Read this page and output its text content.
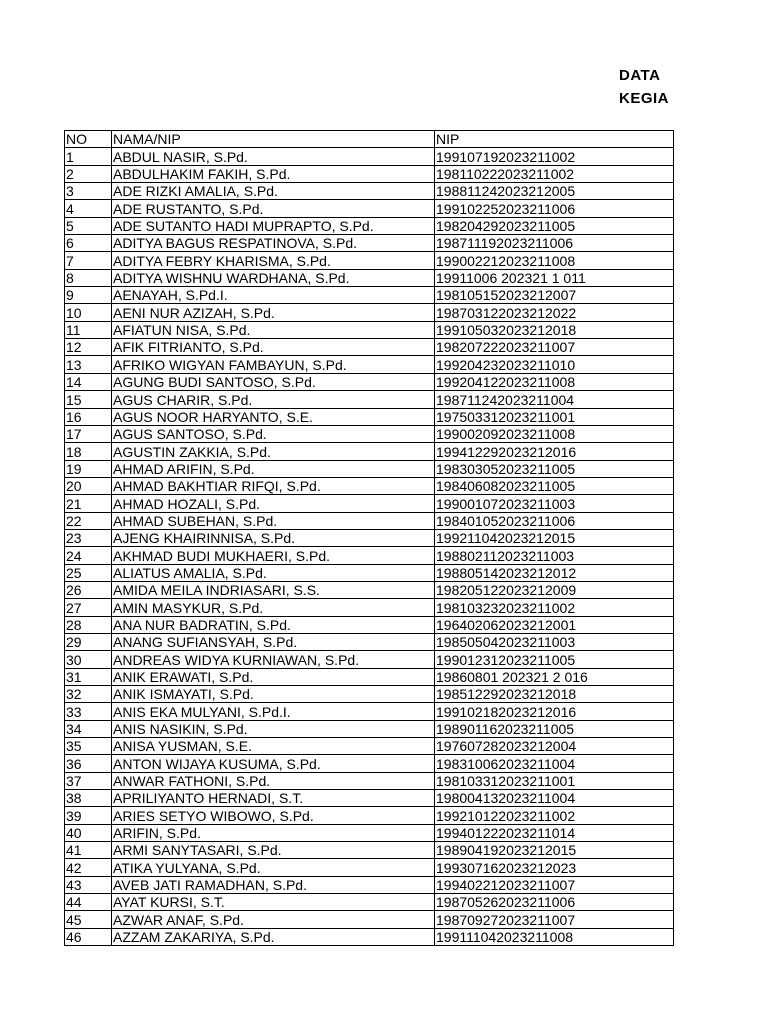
DATA
KEGIA
NO	NAMA/NIP	NIP
1	ABDUL NASIR, S.Pd.	199107192023211002
2	ABDULHAKIM FAKIH, S.Pd.	198110222023211002
3	ADE RIZKI AMALIA, S.Pd.	198811242023212005
4	ADE RUSTANTO, S.Pd.	199102252023211006
5	ADE SUTANTO HADI MUPRAPTO, S.Pd.	198204292023211005
6	ADITYA BAGUS RESPATINOVA, S.Pd.	198711192023211006
7	ADITYA FEBRY KHARISMA, S.Pd.	199002212023211008
8	ADITYA WISHNU WARDHANA, S.Pd.	19911006 202321 1 011
9	AENAYAH, S.Pd.I.	198105152023212007
10	AENI NUR AZIZAH, S.Pd.	198703122023212022
11	AFIATUN NISA, S.Pd.	199105032023212018
12	AFIK FITRIANTO, S.Pd.	198207222023211007
13	AFRIKO WIGYAN FAMBAYUN, S.Pd.	199204232023211010
14	AGUNG BUDI SANTOSO, S.Pd.	199204122023211008
15	AGUS CHARIR, S.Pd.	198711242023211004
16	AGUS NOOR HARYANTO, S.E.	197503312023211001
17	AGUS SANTOSO, S.Pd.	199002092023211008
18	AGUSTIN ZAKKIA, S.Pd.	199412292023212016
19	AHMAD ARIFIN, S.Pd.	198303052023211005
20	AHMAD BAKHTIAR RIFQI, S.Pd.	198406082023211005
21	AHMAD HOZALI, S.Pd.	199001072023211003
22	AHMAD SUBEHAN, S.Pd.	198401052023211006
23	AJENG KHAIRINNISA, S.Pd.	199211042023212015
24	AKHMAD BUDI MUKHAERI, S.Pd.	198802112023211003
25	ALIATUS AMALIA, S.Pd.	198805142023212012
26	AMIDA MEILA INDRIASARI, S.S.	198205122023212009
27	AMIN MASYKUR, S.Pd.	198103232023211002
28	ANA NUR BADRATIN, S.Pd.	196402062023212001
29	ANANG SUFIANSYAH, S.Pd.	198505042023211003
30	ANDREAS WIDYA KURNIAWAN, S.Pd.	199012312023211005
31	ANIK ERAWATI, S.Pd.	19860801 202321 2 016
32	ANIK ISMAYATI, S.Pd.	198512292023212018
33	ANIS EKA MULYANI, S.Pd.I.	199102182023212016
34	ANIS NASIKIN, S.Pd.	198901162023211005
35	ANISA YUSMAN, S.E.	197607282023212004
36	ANTON WIJAYA KUSUMA, S.Pd.	198310062023211004
37	ANWAR FATHONI, S.Pd.	198103312023211001
38	APRILIYANTO HERNADI, S.T.	198004132023211004
39	ARIES SETYO WIBOWO, S.Pd.	199210122023211002
40	ARIFIN, S.Pd.	199401222023211014
41	ARMI SANYTASARI, S.Pd.	198904192023212015
42	ATIKA YULYANA, S.Pd.	199307162023212023
43	AVEB JATI RAMADHAN, S.Pd.	199402212023211007
44	AYAT KURSI, S.T.	198705262023211006
45	AZWAR ANAF, S.Pd.	198709272023211007
46	AZZAM ZAKARIYA, S.Pd.	199111042023211008
